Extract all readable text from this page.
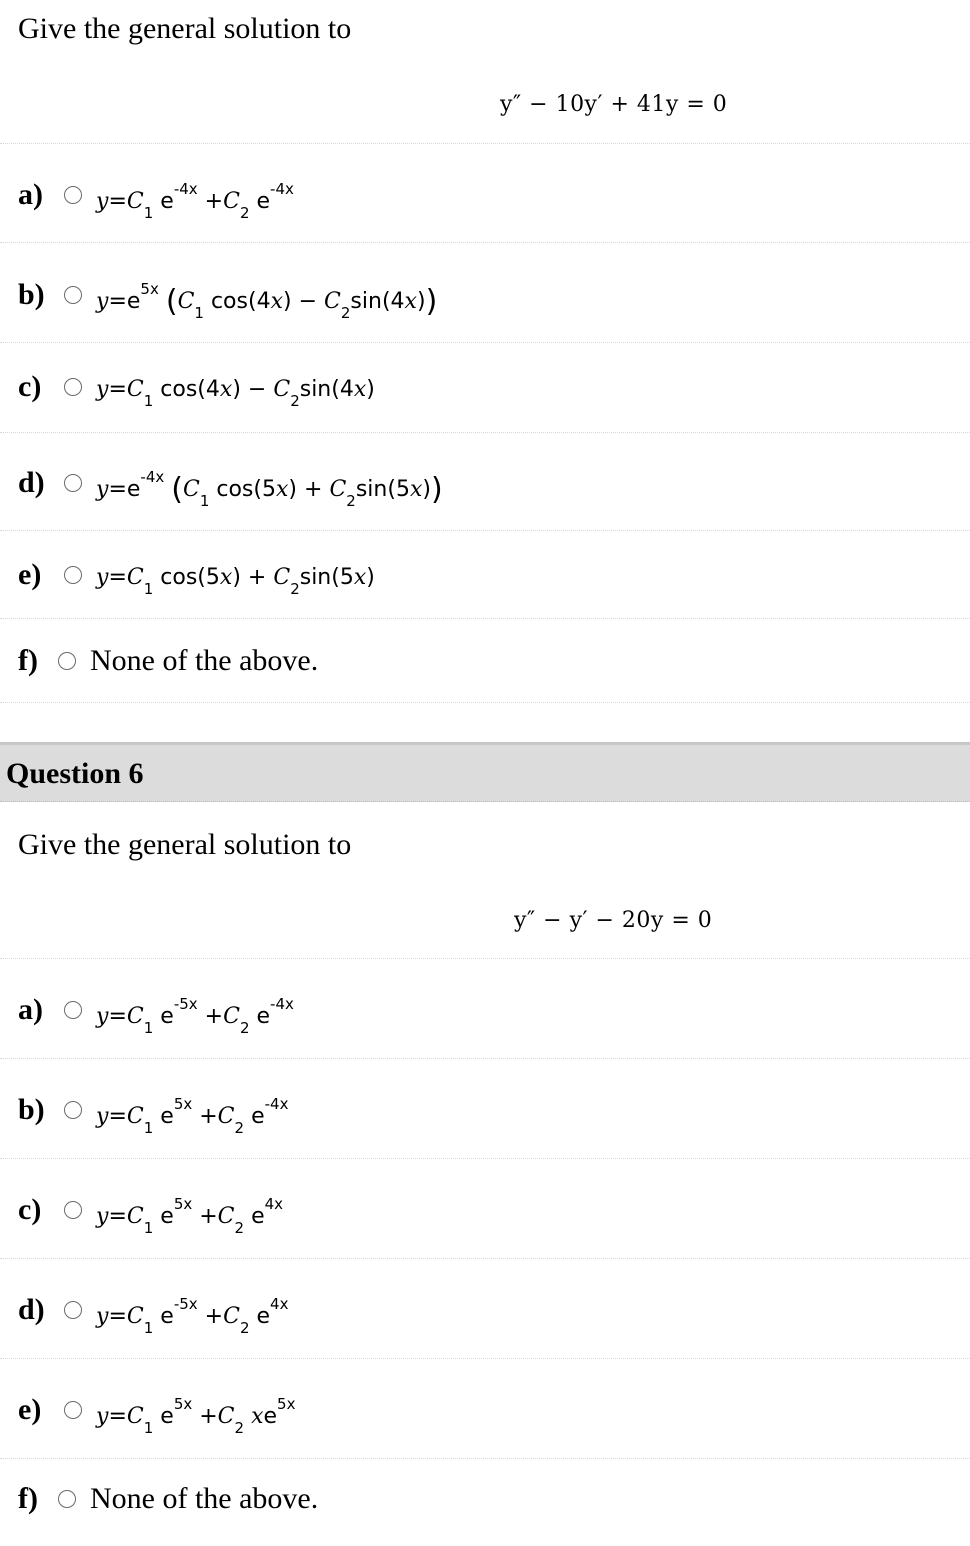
Give the general solution to
y″ − 10y′ + 41y = 0
a)	$y=C_1$ $e^{-4x} +C_2$ $e^{-4x}$
b)	$y=e^{5x}$ ($C_1$ $\cos(4x) - C_2\sin(4x)$)
c)	$y=C_1$ $\cos(4x) - C_2\sin(4x)$
d)	$y=e^{-4x}$ ($C_1$ $\cos(5x) + C_2\sin(5x)$)
e)	$y=C_1$ $\cos(5x) + C_2\sin(5x)$
f)	None of the above.
Question 6
Give the general solution to
y″ − y′ − 20y = 0
a)	$y=C_1$ $e^{-5x} +C_2$ $e^{-4x}$
b)	$y=C_1$ $e^{5x} +C_2$ $e^{-4x}$
c)	$y=C_1$ $e^{5x} +C_2$ $e^{4x}$
d)	$y=C_1$ $e^{-5x} +C_2$ $e^{4x}$
e)	$y=C_1$ $e^{5x} +C_2$ $xe^{5x}$
f)	None of the above.
